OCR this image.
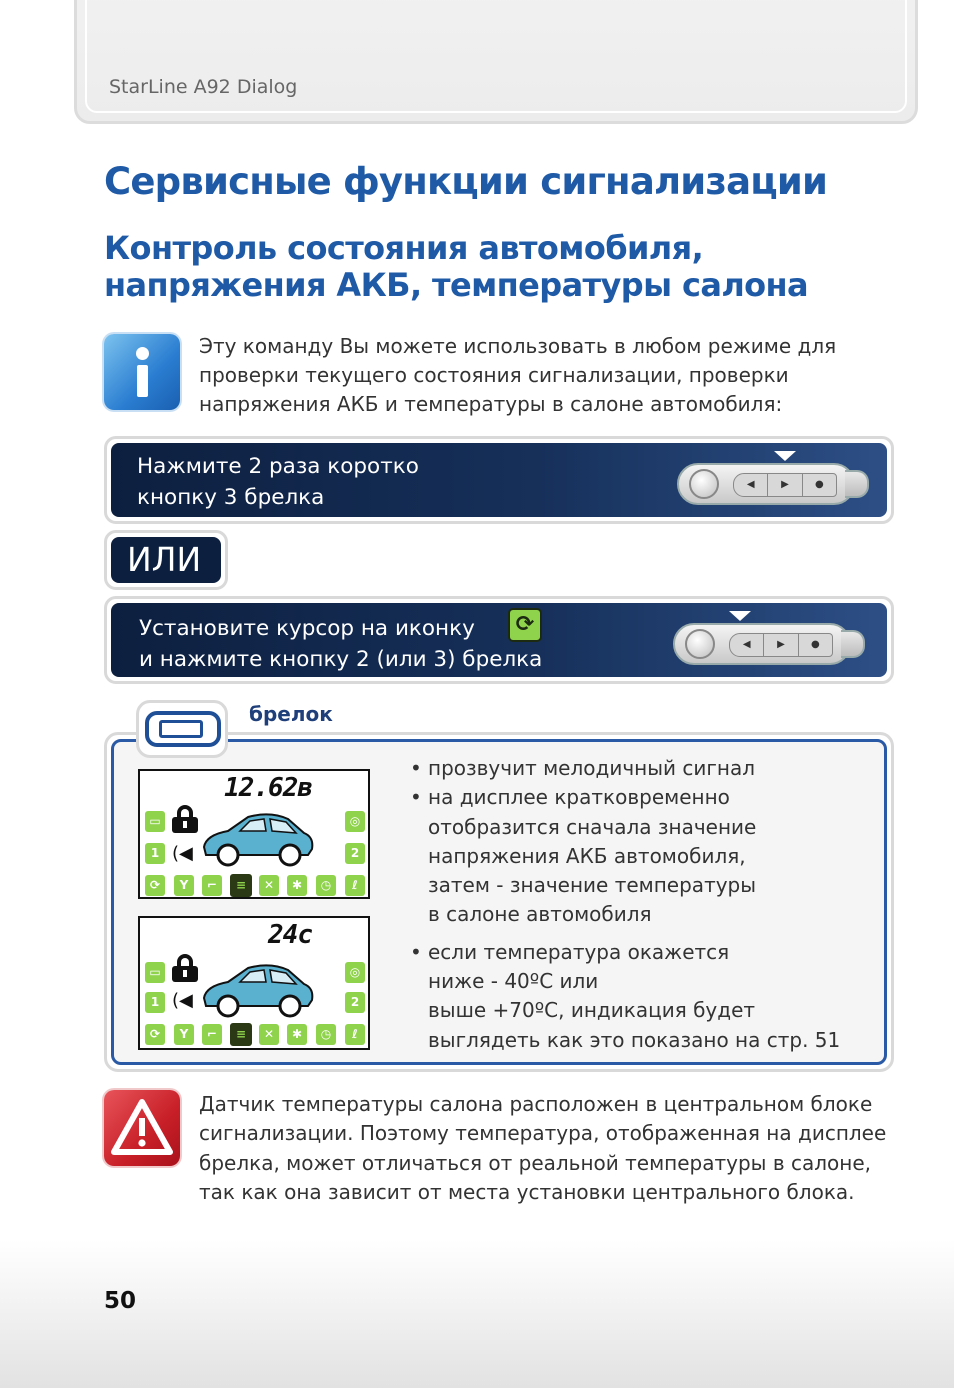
StarLine A92 Dialog
Сервисные функции сигнализации
Контроль состояния автомобиля,
напряжения АКБ, температуры салона
Эту команду Вы можете использовать в любом режиме для
проверки текущего состояния сигнализации, проверки
напряжения АКБ и температуры в салоне автомобиля:
Нажмите 2 раза коротко
кнопку 3 брелка
◀	▶	●
ИЛИ
Установите курсор на иконку
и нажмите кнопку 2 (или 3) брелка
◀	▶	●
⟳
брелок
12.62в
▭
1
◎
2
(◀
⟳	Y	⌐	≡	✕	✱	◷	ℓ
24с
▭
1
◎
2
(◀
⟳	Y	⌐	≡	✕	✱	◷	ℓ
• прозвучит мелодичный сигнал
• на дисплее кратковременно
отобразится сначала значение
напряжения АКБ автомобиля,
затем - значение температуры
в салоне автомобиля
• если температура окажется
ниже - 40ºС или
выше +70ºС, индикация будет
выглядеть как это показано на стр. 51
Датчик температуры салона расположен в центральном блоке
сигнализации. Поэтому температура, отображенная на дисплее
брелка, может отличаться от реальной температуры в салоне,
так как она зависит от места установки центрального блока.
50
